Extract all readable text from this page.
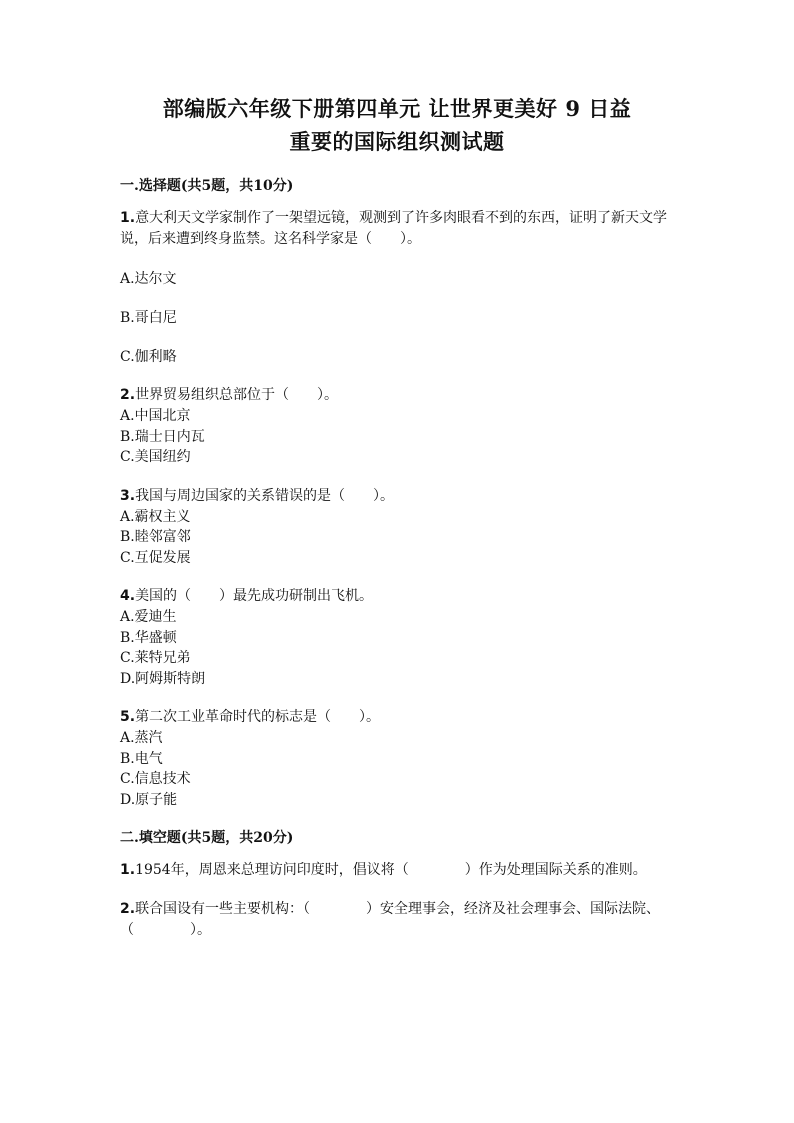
部编版六年级下册第四单元 让世界更美好 9 日益
重要的国际组织测试题
一.选择题(共5题，共10分)

1.意大利天文学家制作了一架望远镜，观测到了许多肉眼看不到的东西，证明了新天文学说，后来遭到终身监禁。这名科学家是（　　）。

A.达尔文

B.哥白尼

C.伽利略

2.世界贸易组织总部位于（　　）。

A.中国北京

B.瑞士日内瓦

C.美国纽约

3.我国与周边国家的关系错误的是（　　）。

A.霸权主义

B.睦邻富邻

C.互促发展

4.美国的（　　）最先成功研制出飞机。

A.爱迪生

B.华盛顿

C.莱特兄弟

D.阿姆斯特朗

5.第二次工业革命时代的标志是（　　）。

A.蒸汽

B.电气

C.信息技术

D.原子能

二.填空题(共5题，共20分)

1.1954年，周恩来总理访问印度时，倡议将（　　　　）作为处理国际关系的准则。

2.联合国设有一些主要机构：（　　　　）安全理事会，经济及社会理事会、国际法院、（　　　　）。
